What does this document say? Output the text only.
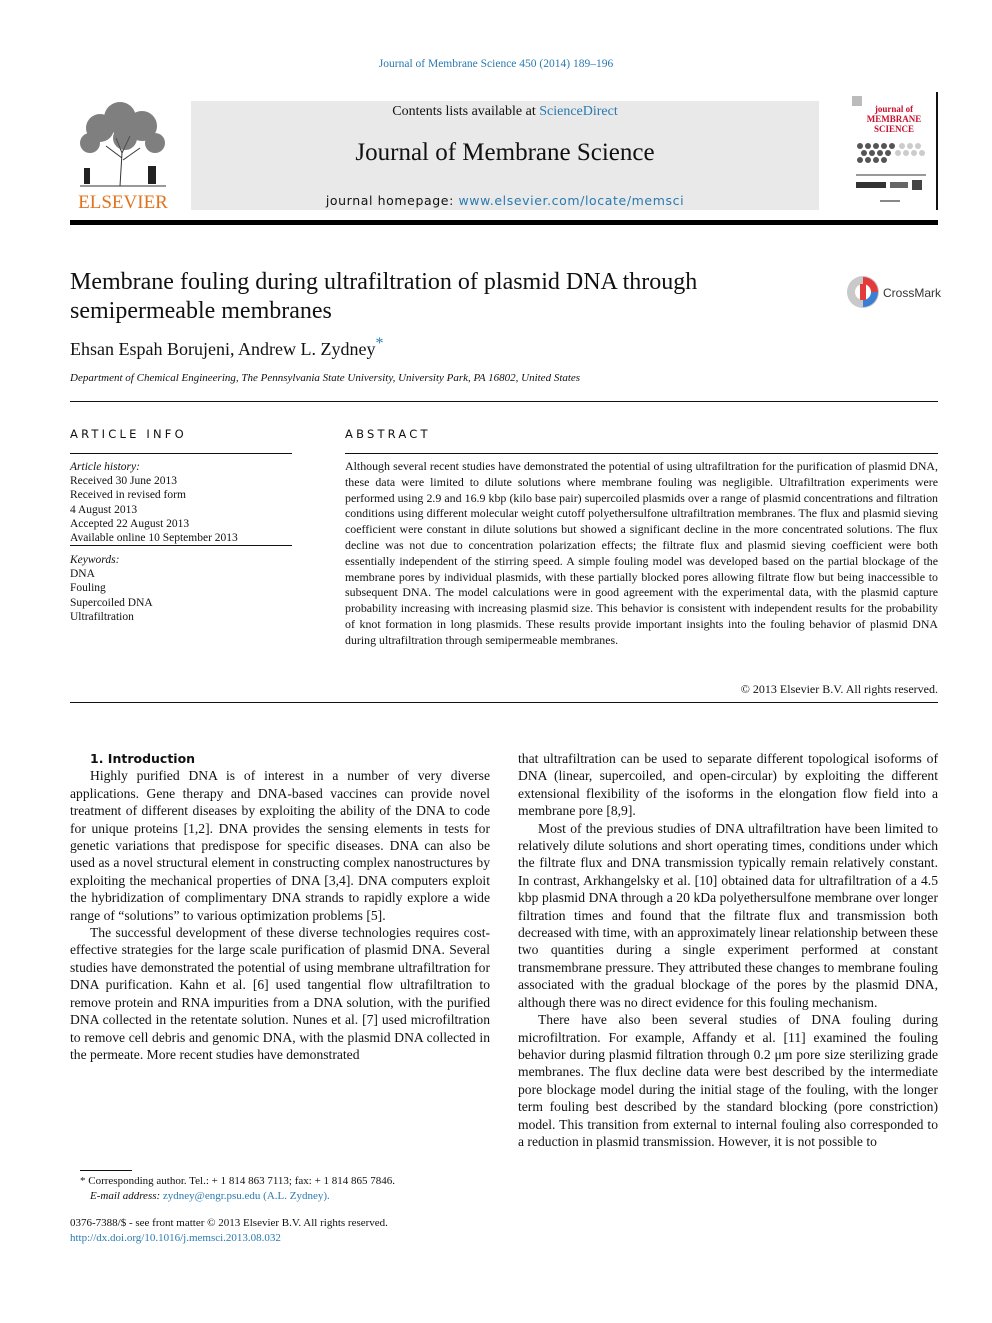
Journal of Membrane Science 450 (2014) 189–196
ELSEVIER
Contents lists available at ScienceDirect
Journal of Membrane Science
journal homepage: www.elsevier.com/locate/memsci
journal of
MEMBRANE
SCIENCE
Membrane fouling during ultrafiltration of plasmid DNA through semipermeable membranes
CrossMark
Ehsan Espah Borujeni, Andrew L. Zydney*
Department of Chemical Engineering, The Pennsylvania State University, University Park, PA 16802, United States
ARTICLE INFO	ABSTRACT
Article history:
Received 30 June 2013
Received in revised form
4 August 2013
Accepted 22 August 2013
Available online 10 September 2013
Keywords:
DNA
Fouling
Supercoiled DNA
Ultrafiltration
Although several recent studies have demonstrated the potential of using ultrafiltration for the purification of plasmid DNA, these data were limited to dilute solutions where membrane fouling was negligible. Ultrafiltration experiments were performed using 2.9 and 16.9 kbp (kilo base pair) supercoiled plasmids over a range of plasmid concentrations and filtration conditions using different molecular weight cutoff polyethersulfone ultrafiltration membranes. The flux and plasmid sieving coefficient were constant in dilute solutions but showed a significant decline in the more concentrated solutions. The flux decline was not due to concentration polarization effects; the filtrate flux and plasmid sieving coefficient were both essentially independent of the stirring speed. A simple fouling model was developed based on the partial blockage of the membrane pores by individual plasmids, with these partially blocked pores allowing filtrate flow but being inaccessible to subsequent DNA. The model calculations were in good agreement with the experimental data, with the plasmid capture probability increasing with increasing plasmid size. This behavior is consistent with independent results for the probability of knot formation in long plasmids. These results provide important insights into the fouling behavior of plasmid DNA during ultrafiltration through semipermeable membranes.
© 2013 Elsevier B.V. All rights reserved.

1. Introduction

Highly purified DNA is of interest in a number of very diverse applications. Gene therapy and DNA-based vaccines can provide novel treatment of different diseases by exploiting the ability of the DNA to code for unique proteins [1,2]. DNA provides the sensing elements in tests for genetic variations that predispose for specific diseases. DNA can also be used as a novel structural element in constructing complex nanostructures by exploiting the mechanical properties of DNA [3,4]. DNA computers exploit the hybridization of complimentary DNA strands to rapidly explore a wide range of “solutions” to various optimization problems [5].

The successful development of these diverse technologies requires cost-effective strategies for the large scale purification of plasmid DNA. Several studies have demonstrated the potential of using membrane ultrafiltration for DNA purification. Kahn et al. [6] used tangential flow ultrafiltration to remove protein and RNA impurities from a DNA solution, with the purified DNA collected in the retentate solution. Nunes et al. [7] used microfiltration to remove cell debris and genomic DNA, with the plasmid DNA collected in the permeate. More recent studies have demonstrated

that ultrafiltration can be used to separate different topological isoforms of DNA (linear, supercoiled, and open-circular) by exploiting the different extensional flexibility of the isoforms in the elongation flow field into a membrane pore [8,9].

Most of the previous studies of DNA ultrafiltration have been limited to relatively dilute solutions and short operating times, conditions under which the filtrate flux and DNA transmission typically remain relatively constant. In contrast, Arkhangelsky et al. [10] obtained data for ultrafiltration of a 4.5 kbp plasmid DNA through a 20 kDa polyethersulfone membrane over longer filtration times and found that the filtrate flux and transmission both decreased with time, with an approximately linear relationship between these two quantities during a single experiment performed at constant transmembrane pressure. They attributed these changes to membrane fouling associated with the gradual blockage of the pores by the plasmid DNA, although there was no direct evidence for this fouling mechanism.

There have also been several studies of DNA fouling during microfiltration. For example, Affandy et al. [11] examined the fouling behavior during plasmid filtration through 0.2 μm pore size sterilizing grade membranes. The flux decline data were best described by the intermediate pore blockage model during the initial stage of the fouling, with the longer term fouling best described by the standard blocking (pore constriction) model. This transition from external to internal fouling also corresponded to a reduction in plasmid transmission. However, it is not possible to

* Corresponding author. Tel.: + 1 814 863 7113; fax: + 1 814 865 7846.
E-mail address: zydney@engr.psu.edu (A.L. Zydney).
0376-7388/$ - see front matter © 2013 Elsevier B.V. All rights reserved.
http://dx.doi.org/10.1016/j.memsci.2013.08.032
